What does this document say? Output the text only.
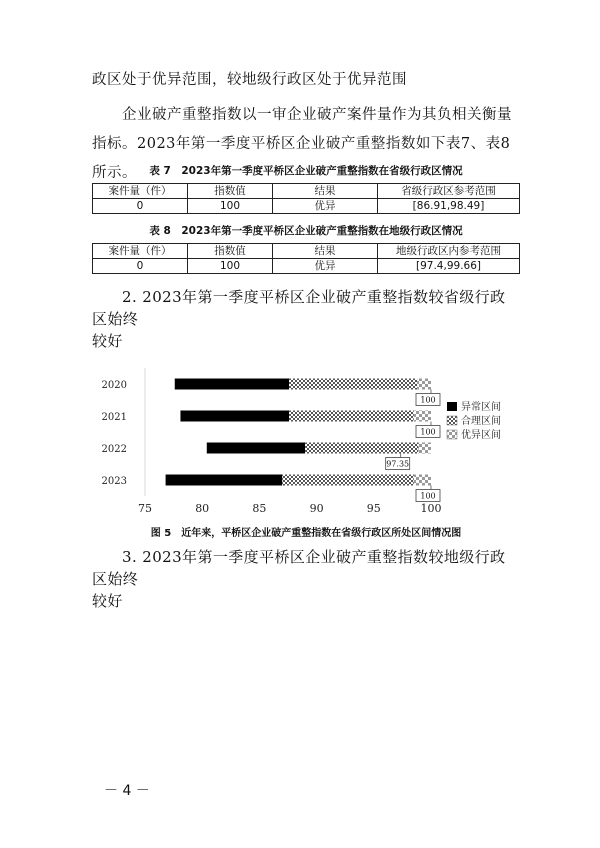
政区处于优异范围，较地级行政区处于优异范围

企业破产重整指数以一审企业破产案件量作为其负相关衡量指标。2023年第一季度平桥区企业破产重整指数如下表7、表8所示。	表 7　2023年第一季度平桥区企业破产重整指数在省级行政区情况
案件量（件）	指数值	结果	省级行政区参考范围
0	100	优异	[86.91,98.49]
表 8　2023年第一季度平桥区企业破产重整指数在地级行政区情况
案件量（件）	指数值	结果	地级行政区内参考范围
0	100	优异	[97.4,99.66]
2. 2023年第一季度平桥区企业破产重整指数较省级行政区始终
较好
75	80	85	90	95	100
2020
2021
2022
2023
100
100
97.35
100
异常区间
合理区间
优异区间
图 5　近年来，平桥区企业破产重整指数在省级行政区所处区间情况图
3. 2023年第一季度平桥区企业破产重整指数较地级行政区始终
较好
－ 4 －
